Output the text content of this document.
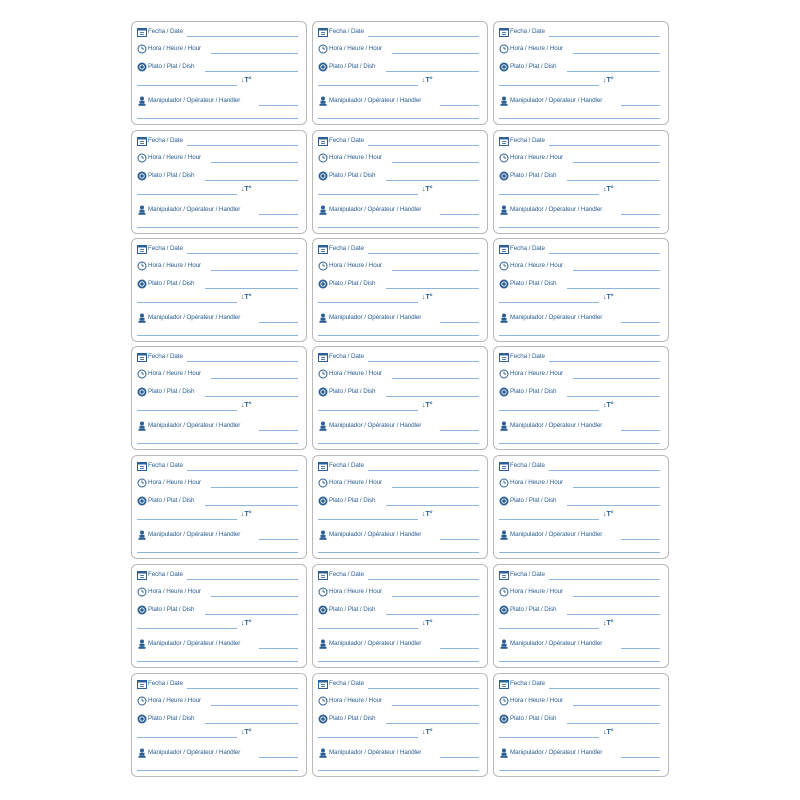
Fecha / Date
Hora / Heure / Hour
Plato / Plat / Dish
↓T°
Manipulador / Opérateur / Handler
Fecha / Date
Hora / Heure / Hour
Plato / Plat / Dish
↓T°
Manipulador / Opérateur / Handler
Fecha / Date
Hora / Heure / Hour
Plato / Plat / Dish
↓T°
Manipulador / Opérateur / Handler
Fecha / Date
Hora / Heure / Hour
Plato / Plat / Dish
↓T°
Manipulador / Opérateur / Handler
Fecha / Date
Hora / Heure / Hour
Plato / Plat / Dish
↓T°
Manipulador / Opérateur / Handler
Fecha / Date
Hora / Heure / Hour
Plato / Plat / Dish
↓T°
Manipulador / Opérateur / Handler
Fecha / Date
Hora / Heure / Hour
Plato / Plat / Dish
↓T°
Manipulador / Opérateur / Handler
Fecha / Date
Hora / Heure / Hour
Plato / Plat / Dish
↓T°
Manipulador / Opérateur / Handler
Fecha / Date
Hora / Heure / Hour
Plato / Plat / Dish
↓T°
Manipulador / Opérateur / Handler
Fecha / Date
Hora / Heure / Hour
Plato / Plat / Dish
↓T°
Manipulador / Opérateur / Handler
Fecha / Date
Hora / Heure / Hour
Plato / Plat / Dish
↓T°
Manipulador / Opérateur / Handler
Fecha / Date
Hora / Heure / Hour
Plato / Plat / Dish
↓T°
Manipulador / Opérateur / Handler
Fecha / Date
Hora / Heure / Hour
Plato / Plat / Dish
↓T°
Manipulador / Opérateur / Handler
Fecha / Date
Hora / Heure / Hour
Plato / Plat / Dish
↓T°
Manipulador / Opérateur / Handler
Fecha / Date
Hora / Heure / Hour
Plato / Plat / Dish
↓T°
Manipulador / Opérateur / Handler
Fecha / Date
Hora / Heure / Hour
Plato / Plat / Dish
↓T°
Manipulador / Opérateur / Handler
Fecha / Date
Hora / Heure / Hour
Plato / Plat / Dish
↓T°
Manipulador / Opérateur / Handler
Fecha / Date
Hora / Heure / Hour
Plato / Plat / Dish
↓T°
Manipulador / Opérateur / Handler
Fecha / Date
Hora / Heure / Hour
Plato / Plat / Dish
↓T°
Manipulador / Opérateur / Handler
Fecha / Date
Hora / Heure / Hour
Plato / Plat / Dish
↓T°
Manipulador / Opérateur / Handler
Fecha / Date
Hora / Heure / Hour
Plato / Plat / Dish
↓T°
Manipulador / Opérateur / Handler
